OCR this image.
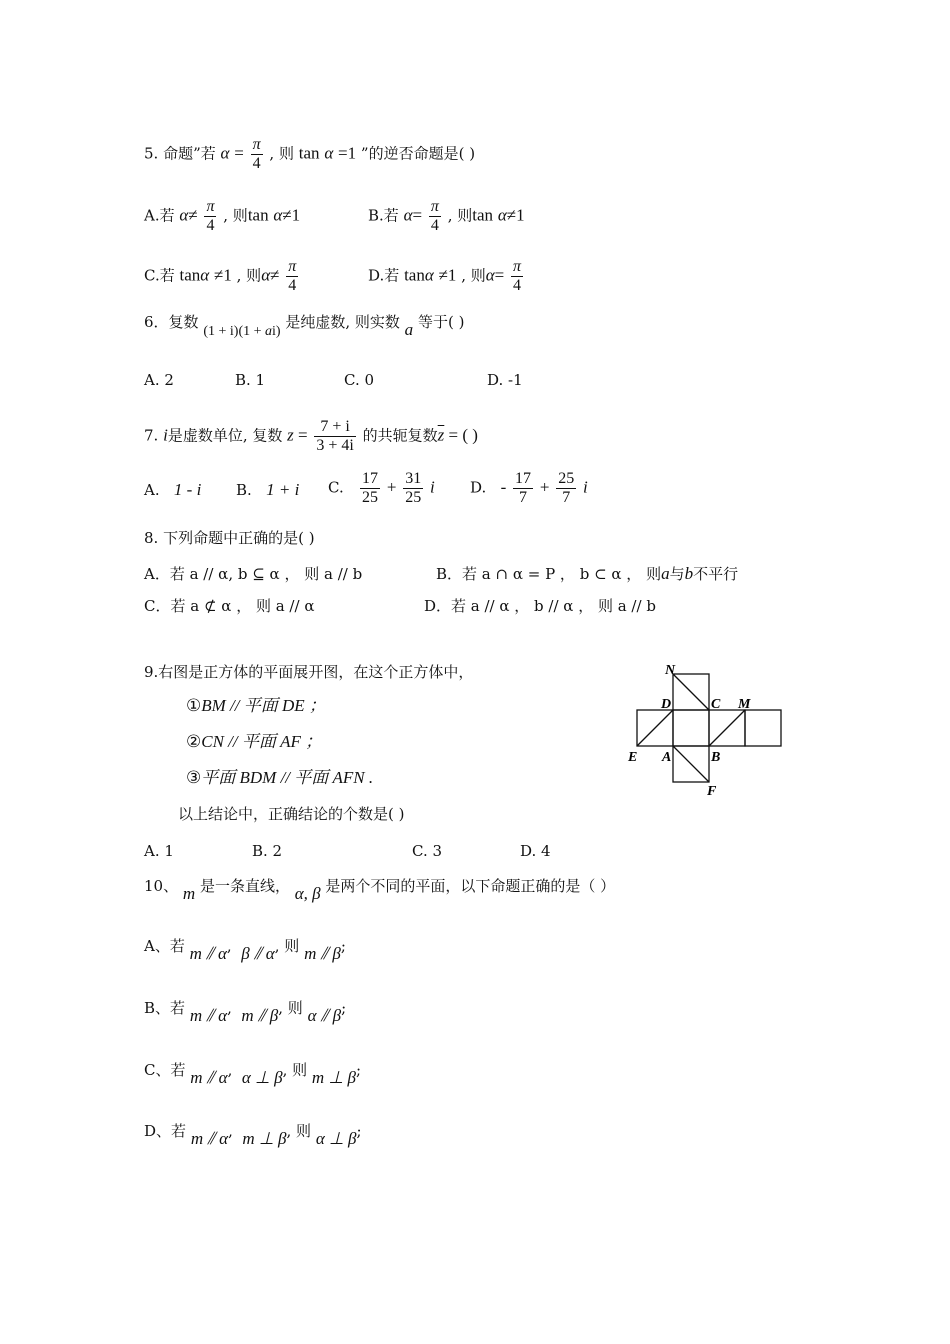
5. 命题”若 $\alpha = \frac{\pi}{4}$ , 则 tan α =1 ”的逆否命题是( )
A.若 $\alpha\ne \frac{\pi}{4}$ , 则tan α≠1	B.若 $\alpha= \frac{\pi}{4}$ , 则tan α≠1
C.若 tanα ≠1 , 则$\alpha\ne \frac{\pi}{4}$	D.若 tanα ≠1 , 则$\alpha= \frac{\pi}{4}$
6．复数 (1 + i)(1 + ai) 是纯虚数, 则实数 a 等于( )
A. 2	B. 1	C. 0	D. -1
7. i是虚数单位, 复数 $z = \frac{7 + i}{3 + 4i}$ 的共轭复数$\overline{z}$ = ( )
A. 1 - i B. 1 + i C. $\frac{17}{25} + \frac{31}{25}$ i D. - $\frac{17}{7} + \frac{25}{7}$ i
8. 下列命题中正确的是( )
A．若 a // α, b ⊆ α ， 则 a // b	B．若 a ∩ α = P ， b ⊂ α ， 则a与b不平行
C．若 a ⊄ α ， 则 a // α	D．若 a // α ， b // α ， 则 a // b
9.右图是正方体的平面展开图，在这个正方体中，
①BM // 平面 DE ；
②CN // 平面 AF ；
③平面 BDM // 平面 AFN .
以上结论中，正确结论的个数是( )
A. 1	B. 2	C. 3	D. 4
N
D	C M
E A	B
F
10、 m 是一条直线， α, β 是两个不同的平面，以下命题正确的是（ ）
A、若 m ⫽ α,  β ⫽ α, 则 m ⫽ β;
B、若 m ⫽ α,  m ⫽ β, 则 α ⫽ β;
C、若 m ⫽ α,  α ⊥ β, 则 m ⊥ β;
D、若 m ⫽ α,  m ⊥ β, 则 α ⊥ β;
